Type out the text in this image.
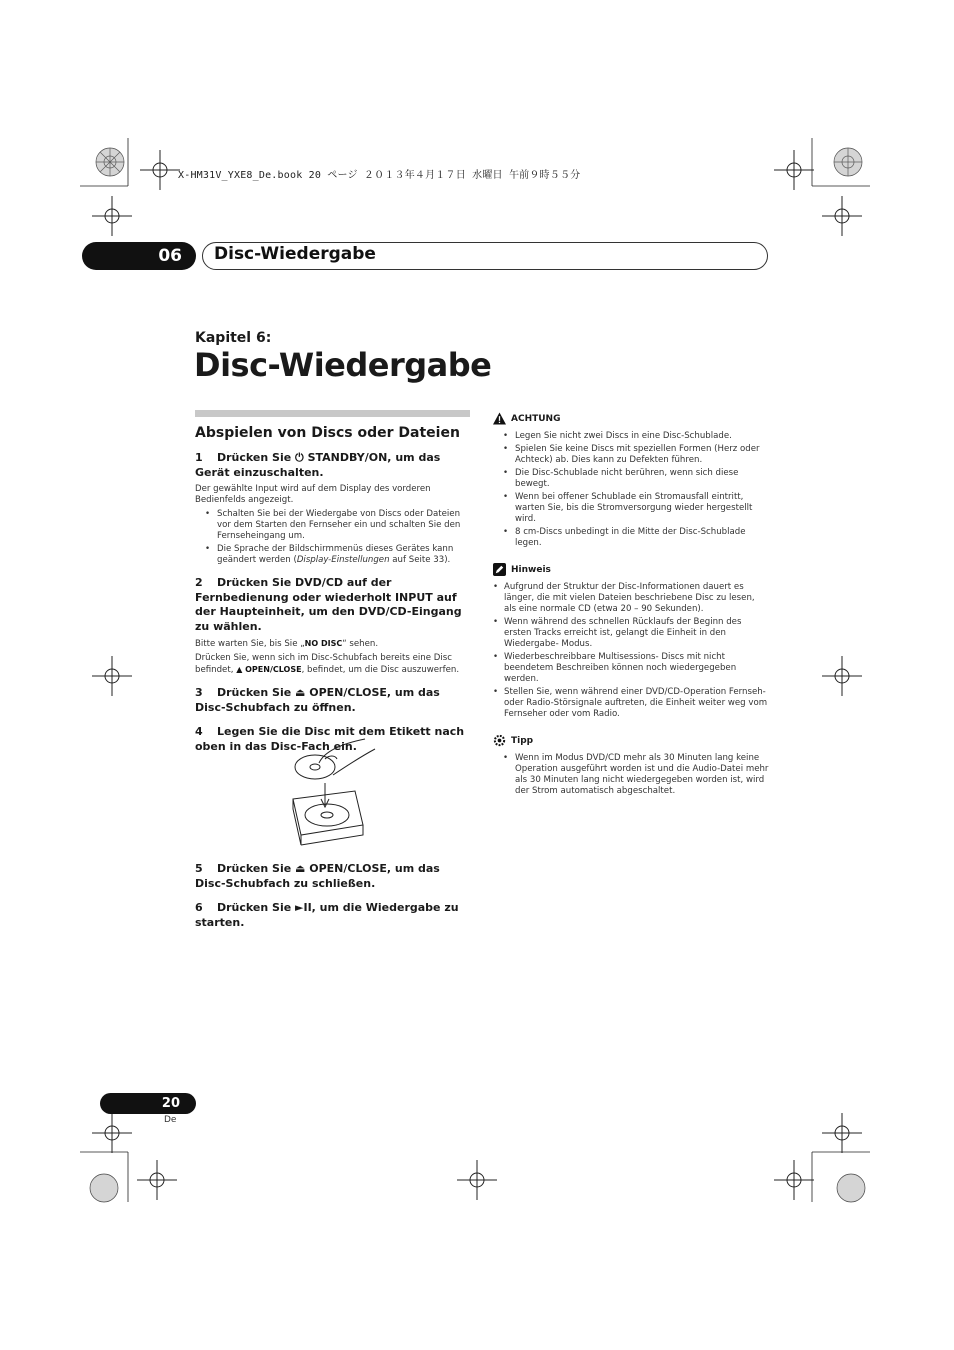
X-HM31V_YXE8_De.book 20 ページ ２０１３年４月１７日 水曜日 午前９時５５分
06	Disc-Wiedergabe
Kapitel 6:
Disc-Wiedergabe
Abspielen von Discs oder Dateien

1 Drücken Sie ⏻ STANDBY/ON, um das Gerät einzuschalten.

Der gewählte Input wird auf dem Display des vorderen Bedienfelds angezeigt.

• Schalten Sie bei der Wiedergabe von Discs oder Dateien vor dem Starten den Fernseher ein und schalten Sie den Fernseheingang um.
• Die Sprache der Bildschirmmenüs dieses Gerätes kann geändert werden (Display-Einstellungen auf Seite 33).

2 Drücken Sie DVD/CD auf der Fernbedienung oder wiederholt INPUT auf der Haupteinheit, um den DVD/CD-Eingang zu wählen.

Bitte warten Sie, bis Sie „NO DISC“ sehen.

Drücken Sie, wenn sich im Disc-Schubfach bereits eine Disc befindet, ▲ OPEN/CLOSE, befindet, um die Disc auszuwerfen.

3 Drücken Sie ⏏ OPEN/CLOSE, um das Disc-Schubfach zu öffnen.

4 Legen Sie die Disc mit dem Etikett nach oben in das Disc-Fach ein.

5 Drücken Sie ⏏ OPEN/CLOSE, um das Disc-Schubfach zu schließen.

6 Drücken Sie ►II, um die Wiedergabe zu starten.

ACHTUNG
• Legen Sie nicht zwei Discs in eine Disc-Schublade.
• Spielen Sie keine Discs mit speziellen Formen (Herz oder Achteck) ab. Dies kann zu Defekten führen.
• Die Disc-Schublade nicht berühren, wenn sich diese bewegt.
• Wenn bei offener Schublade ein Stromausfall eintritt, warten Sie, bis die Stromversorgung wieder hergestellt wird.
• 8 cm-Discs unbedingt in die Mitte der Disc-Schublade legen.
Hinweis
• Aufgrund der Struktur der Disc-Informationen dauert es länger, die mit vielen Dateien beschriebene Disc zu lesen, als eine normale CD (etwa 20 – 90 Sekunden).
• Wenn während des schnellen Rücklaufs der Beginn des ersten Tracks erreicht ist, gelangt die Einheit in den Wiedergabe- Modus.
• Wiederbeschreibbare Multisessions- Discs mit nicht beendetem Beschreiben können noch wiedergegeben werden.
• Stellen Sie, wenn während einer DVD/CD-Operation Fernseh- oder Radio-Störsignale auftreten, die Einheit weiter weg vom Fernseher oder vom Radio.
Tipp
• Wenn im Modus DVD/CD mehr als 30 Minuten lang keine Operation ausgeführt worden ist und die Audio-Datei mehr als 30 Minuten lang nicht wiedergegeben worden ist, wird der Strom automatisch abgeschaltet.
20
De
